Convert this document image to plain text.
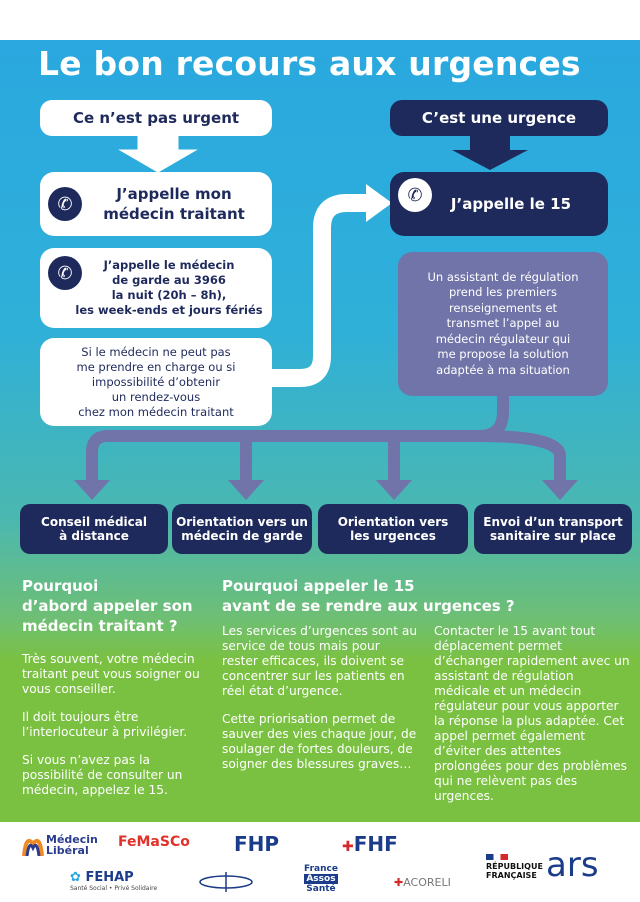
Le bon recours aux urgences
Ce n’est pas urgent	C’est une urgence
✆	J’appelle mon
médecin traitant
✆	J’appelle le médecin
de garde au 3966
la nuit (20h – 8h),
les week-ends et jours fériés
Si le médecin ne peut pas
me prendre en charge ou si
impossibilité d’obtenir
un rendez-vous
chez mon médecin traitant
✆	J’appelle le 15
Un assistant de régulation
prend les premiers
renseignements et
transmet l’appel au
médecin régulateur qui
me propose la solution
adaptée à ma situation
Conseil médical
à distance
Orientation vers un
médecin de garde
Orientation vers
les urgences
Envoi d’un transport
sanitaire sur place
Pourquoi
d’abord appeler son
médecin traitant ?

Très souvent, votre médecin traitant peut vous soigner ou vous conseiller.

Il doit toujours être l’interlocuteur à privilégier.

Si vous n’avez pas la possibilité de consulter un médecin, appelez le 15.

Pourquoi appeler le 15
avant de se rendre aux urgences ?

Les services d’urgences sont au service de tous mais pour rester efficaces, ils doivent se concentrer sur les patients en réel état d’urgence.

Cette priorisation permet de sauver des vies chaque jour, de soulager de fortes douleurs, de soigner des blessures graves…

Contacter le 15 avant tout déplacement permet d’échanger rapidement avec un assistant de régulation médicale et un médecin régulateur pour vous apporter la réponse la plus adaptée. Cet appel permet également d’éviter des attentes prolongées pour des problèmes qui ne relèvent pas des urgences.

Médecin
Libéral
FeMaSCo FHP	✚FHF
✿ FEHAP
Santé Social • Privé Solidaire
France
Assos
Santé	✚ACORELI
RÉPUBLIQUE
FRANÇAISE ars
